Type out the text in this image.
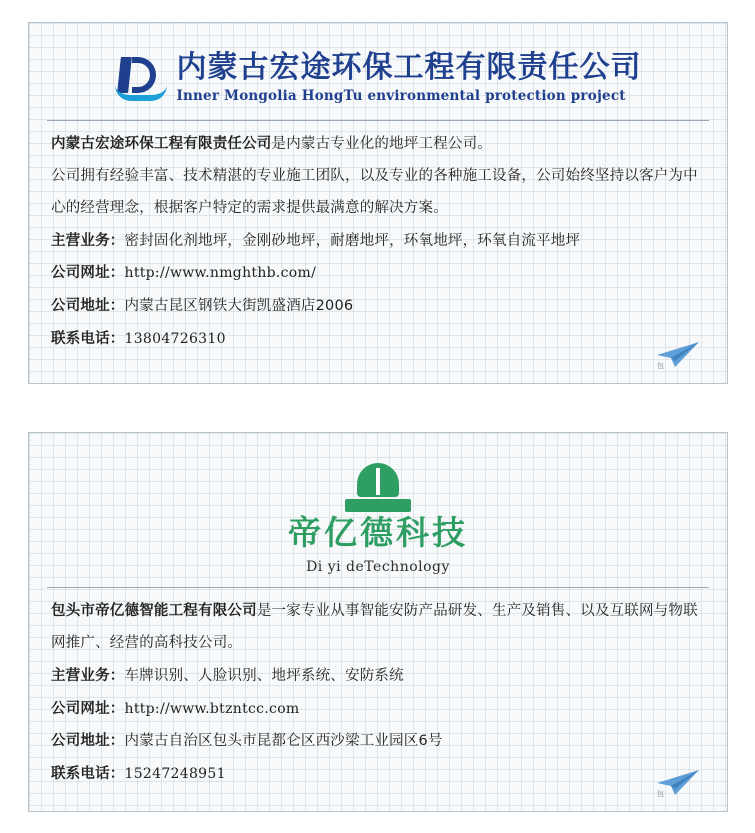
内蒙古宏途环保工程有限责任公司
Inner Mongolia HongTu environmental protection project
内蒙古宏途环保工程有限责任公司是内蒙古专业化的地坪工程公司。
公司拥有经验丰富、技术精湛的专业施工团队，以及专业的各种施工设备，公司始终坚持以客户为中心的经营理念，根据客户特定的需求提供最满意的解决方案。
主营业务：密封固化剂地坪，金刚砂地坪，耐磨地坪，环氧地坪，环氧自流平地坪
公司网址：http://www.nmghthb.com/
公司地址：内蒙古昆区钢铁大街凯盛酒店2006
联系电话：13804726310
包
帝亿德科技
Di yi deTechnology
包头市帝亿德智能工程有限公司是一家专业从事智能安防产品研发、生产及销售、以及互联网与物联网推广、经营的高科技公司。
主营业务：车牌识别、人脸识别、地坪系统、安防系统
公司网址：http://www.btzntcc.com
公司地址：内蒙古自治区包头市昆都仑区西沙梁工业园区6号
联系电话：15247248951
包
